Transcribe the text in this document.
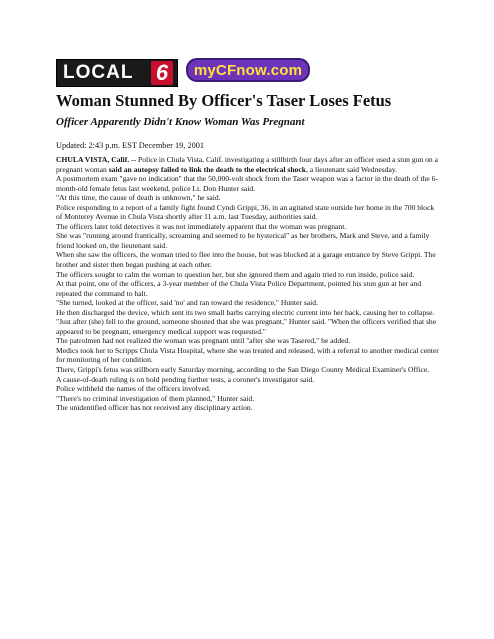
LOCAL 6	myCFnow.com
Woman Stunned By Officer's Taser Loses Fetus
Officer Apparently Didn't Know Woman Was Pregnant

Updated: 2:43 p.m. EST December 19, 2001

CHULA VISTA, Calif. -- Police in Chula Vista, Calif. investigating a stillbirth four days after an officer used a stun gun on a pregnant woman said an autopsy failed to link the death to the electrical shock, a lieutenant said Wednesday.

A postmortem exam "gave no indication" that the 50,000-volt shock from the Taser weapon was a factor in the death of the 6-month-old female fetus last weekend, police Lt. Don Hunter said.

"At this time, the cause of death is unknown," he said.

Police responding to a report of a family fight found Cyndi Grippi, 36, in an agitated state outside her home in the 700 block of Monterey Avenue in Chula Vista shortly after 11 a.m. last Tuesday, authorities said.

The officers later told detectives it was not immediately apparent that the woman was pregnant.

She was "running around frantically, screaming and seemed to be hysterical" as her brothers, Mark and Steve, and a family friend looked on, the lieutenant said.

When she saw the officers, the woman tried to flee into the house, but was blocked at a garage entrance by Steve Grippi. The brother and sister then began pushing at each other.

The officers sought to calm the woman to question her, but she ignored them and again tried to run inside, police said.

At that point, one of the officers, a 3-year member of the Chula Vista Police Department, pointed his stun gun at her and repeated the command to halt.

"She turned, looked at the officer, said 'no' and ran toward the residence," Hunter said.

He then discharged the device, which sent its two small barbs carrying electric current into her back, causing her to collapse.

"Just after (she) fell to the ground, someone shouted that she was pregnant," Hunter said. "When the officers verified that she appeared to be pregnant, emergency medical support was requested."

The patrolmen had not realized the woman was pregnant until "after she was Tasered," he added.

Medics took her to Scripps Chula Vista Hospital, where she was treated and released, with a referral to another medical center for monitoring of her condition.

There, Grippi's fetus was stillborn early Saturday morning, according to the San Diego County Medical Examiner's Office.

A cause-of-death ruling is on hold pending further tests, a coroner's investigator said.

Police withheld the names of the officers involved.

"There's no criminal investigation of them planned," Hunter said.

The unidentified officer has not received any disciplinary action.
